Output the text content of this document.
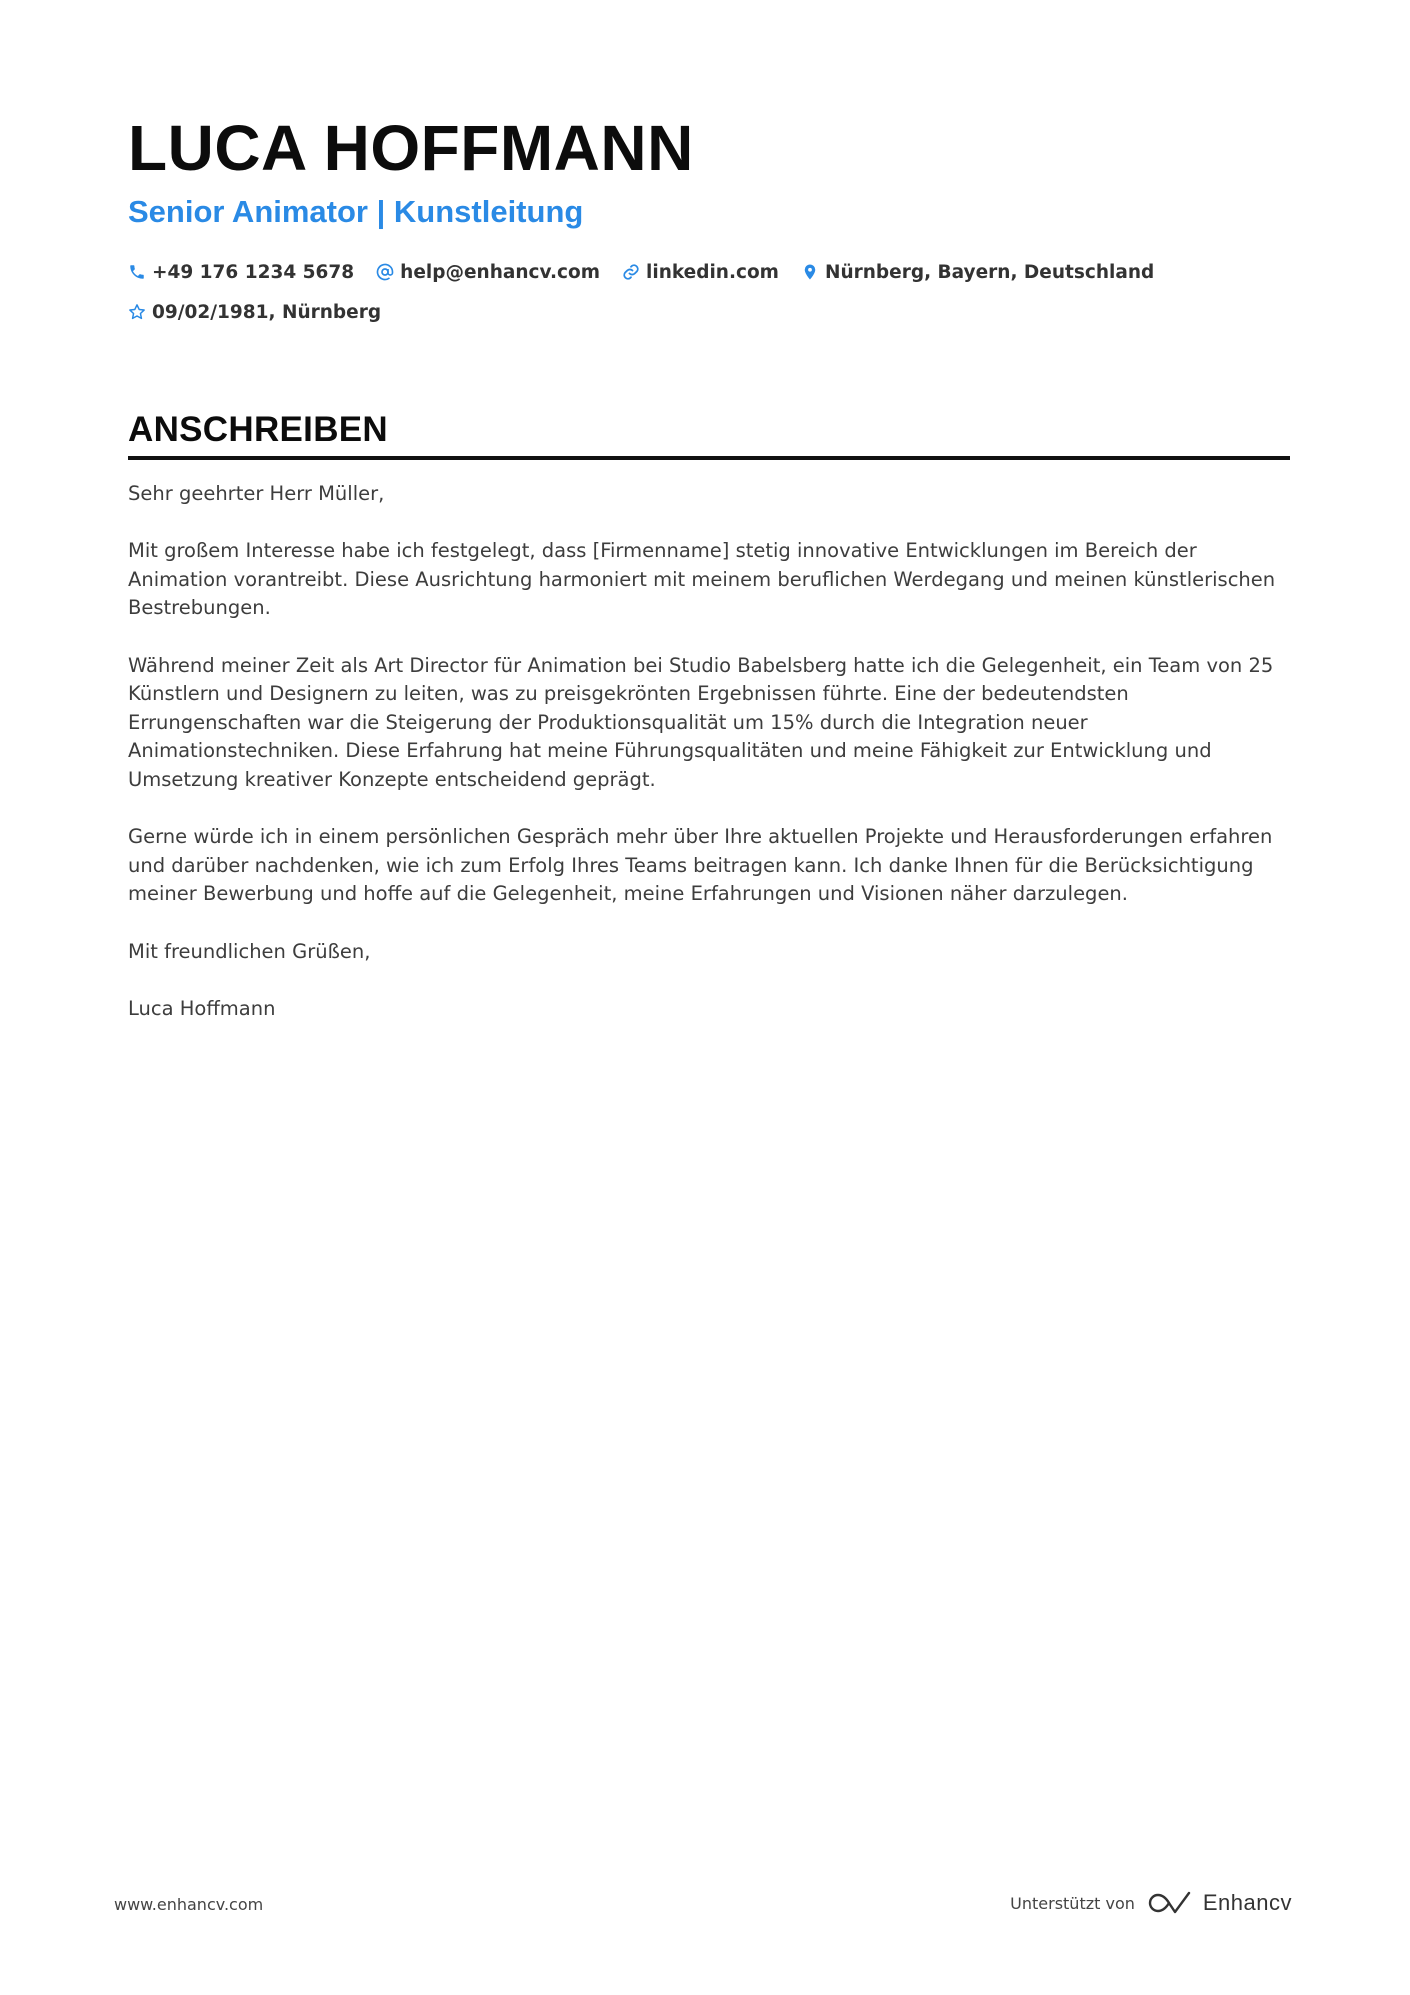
LUCA HOFFMANN
Senior Animator | Kunstleitung
+49 176 1234 5678 help@enhancv.com linkedin.com Nürnberg, Bayern, Deutschland
09/02/1981, Nürnberg
ANSCHREIBEN

Sehr geehrter Herr Müller,

Mit großem Interesse habe ich festgelegt, dass [Firmenname] stetig innovative Entwicklungen im Bereich der Animation vorantreibt. Diese Ausrichtung harmoniert mit meinem beruflichen Werdegang und meinen künstlerischen Bestrebungen.

Während meiner Zeit als Art Director für Animation bei Studio Babelsberg hatte ich die Gelegenheit, ein Team von 25 Künstlern und Designern zu leiten, was zu preisgekrönten Ergebnissen führte. Eine der bedeutendsten Errungenschaften war die Steigerung der Produktionsqualität um 15% durch die Integration neuer Animationstechniken. Diese Erfahrung hat meine Führungsqualitäten und meine Fähigkeit zur Entwicklung und Umsetzung kreativer Konzepte entscheidend geprägt.

Gerne würde ich in einem persönlichen Gespräch mehr über Ihre aktuellen Projekte und Herausforderungen erfahren und darüber nachdenken, wie ich zum Erfolg Ihres Teams beitragen kann. Ich danke Ihnen für die Berücksichtigung meiner Bewerbung und hoffe auf die Gelegenheit, meine Erfahrungen und Visionen näher darzulegen.

Mit freundlichen Grüßen,

Luca Hoffmann

www.enhancv.com	Unterstützt von	Enhancv
